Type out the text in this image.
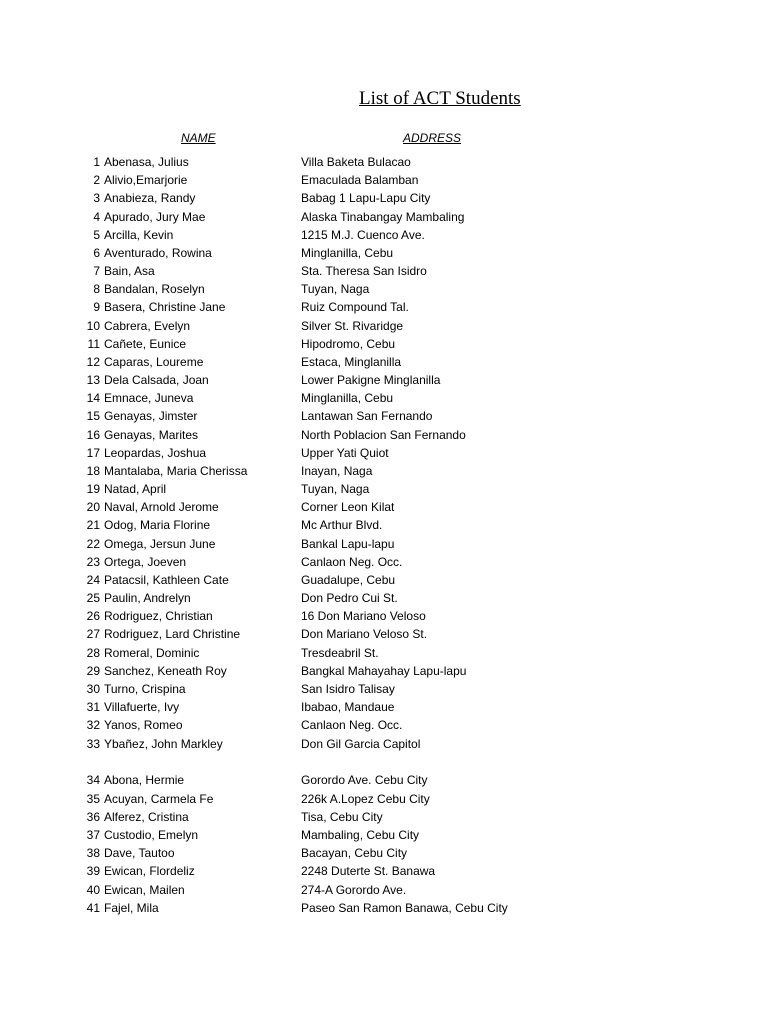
List of ACT Students
NAME	ADDRESS
1 Abenasa, Julius	Villa Baketa Bulacao
2 Alivio,Emarjorie	Emaculada Balamban
3 Anabieza, Randy	Babag 1 Lapu-Lapu City
4 Apurado, Jury Mae	Alaska Tinabangay Mambaling
5 Arcilla, Kevin	1215 M.J. Cuenco Ave.
6 Aventurado, Rowina	Minglanilla, Cebu
7 Bain, Asa	Sta. Theresa San Isidro
8 Bandalan, Roselyn	Tuyan, Naga
9 Basera, Christine Jane	Ruiz Compound Tal.
10 Cabrera, Evelyn	Silver St. Rivaridge
11 Cañete, Eunice	Hipodromo, Cebu
12 Caparas, Loureme	Estaca, Minglanilla
13 Dela Calsada, Joan	Lower Pakigne Minglanilla
14 Emnace, Juneva	Minglanilla, Cebu
15 Genayas, Jimster	Lantawan San Fernando
16 Genayas, Marites	North Poblacion San Fernando
17 Leopardas, Joshua	Upper Yati Quiot
18 Mantalaba, Maria Cherissa	Inayan, Naga
19 Natad, April	Tuyan, Naga
20 Naval, Arnold Jerome	Corner Leon Kilat
21 Odog, Maria Florine	Mc Arthur Blvd.
22 Omega, Jersun June	Bankal Lapu-lapu
23 Ortega, Joeven	Canlaon Neg. Occ.
24 Patacsil, Kathleen Cate	Guadalupe, Cebu
25 Paulin, Andrelyn	Don Pedro Cui St.
26 Rodriguez, Christian	16 Don Mariano Veloso
27 Rodriguez, Lard Christine	Don Mariano Veloso St.
28 Romeral, Dominic	Tresdeabril St.
29 Sanchez, Keneath Roy	Bangkal Mahayahay Lapu-lapu
30 Turno, Crispina	San Isidro Talisay
31 Villafuerte, Ivy	Ibabao, Mandaue
32 Yanos, Romeo	Canlaon Neg. Occ.
33 Ybañez, John Markley	Don Gil Garcia Capitol
34 Abona, Hermie	Gorordo Ave. Cebu City
35 Acuyan, Carmela Fe	226k A.Lopez Cebu City
36 Alferez, Cristina	Tisa, Cebu City
37 Custodio, Emelyn	Mambaling, Cebu City
38 Dave, Tautoo	Bacayan, Cebu City
39 Ewican, Flordeliz	2248 Duterte St. Banawa
40 Ewican, Mailen	274-A Gorordo Ave.
41 Fajel, Mila	Paseo San Ramon Banawa, Cebu City
